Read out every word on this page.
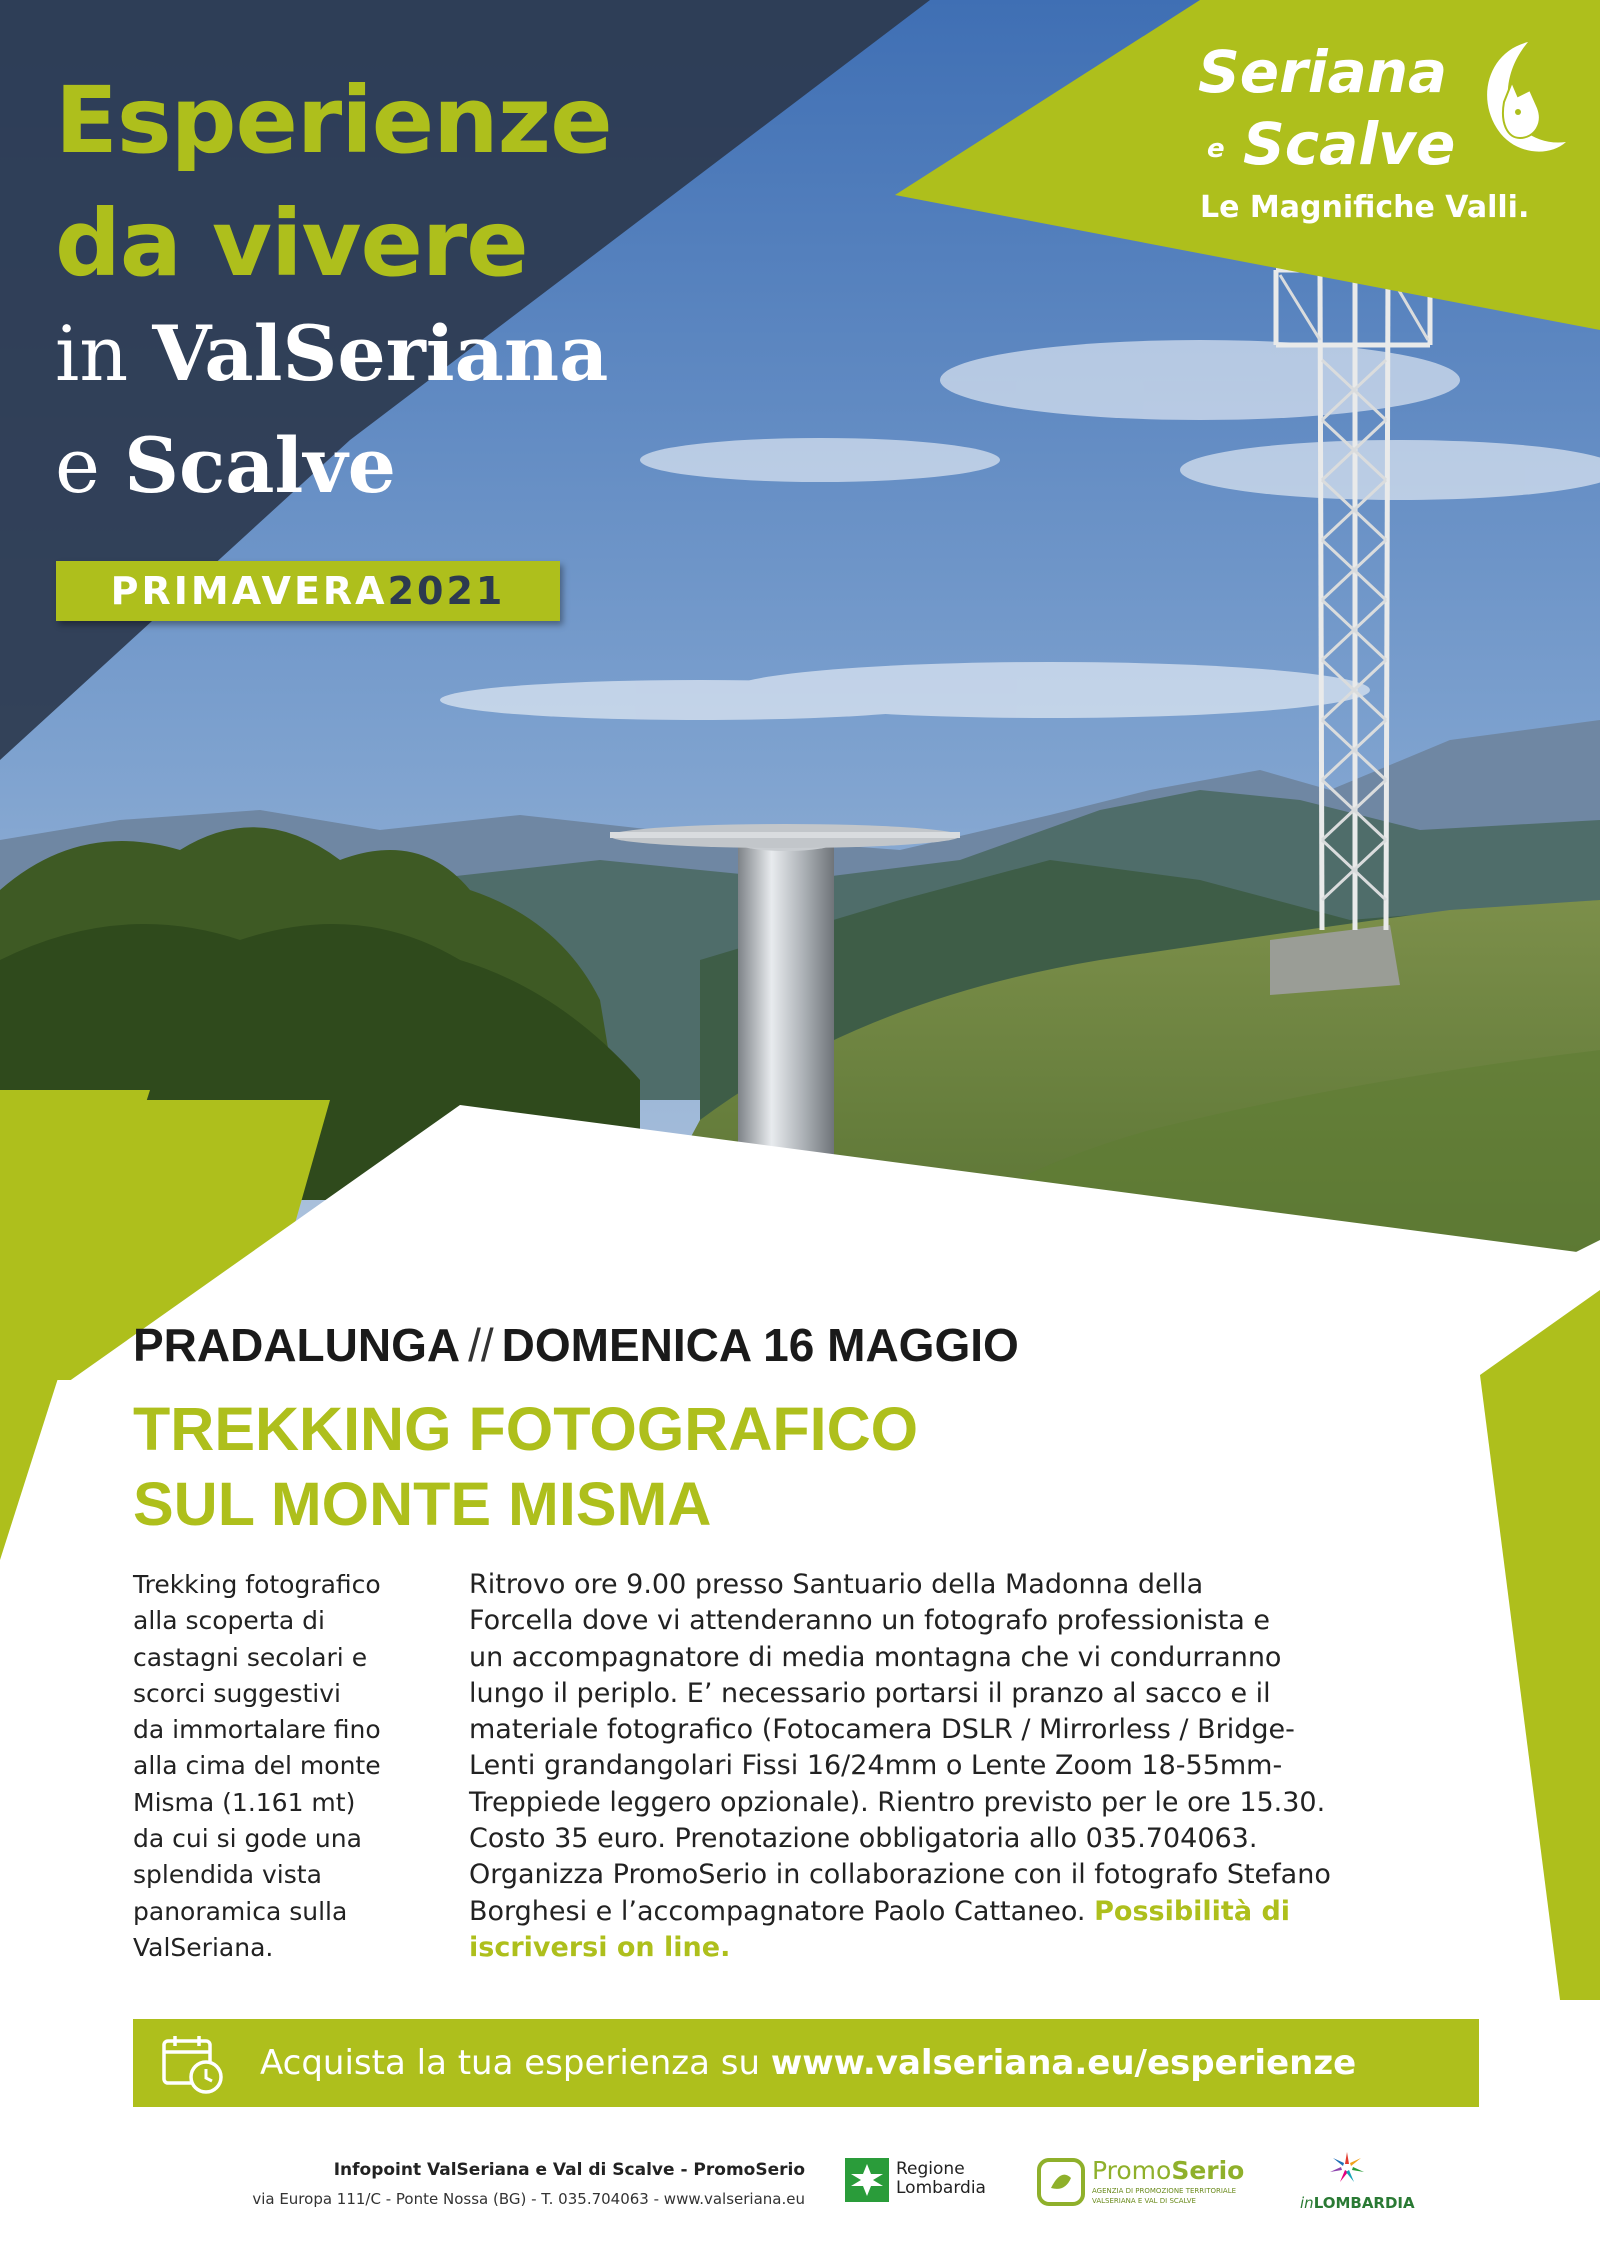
Esperienze
da vivere
in ValSeriana
e Scalve
PRIMAVERA 2021
Seriana
e Scalve
Le Magnifiche Valli.
PRADALUNGA // DOMENICA 16 MAGGIO
TREKKING FOTOGRAFICO
SUL MONTE MISMA

Trekking fotografico

alla scoperta di

castagni secolari e

scorci suggestivi

da immortalare fino

alla cima del monte

Misma (1.161 mt)

da cui si gode una

splendida vista

panoramica sulla

ValSeriana.

Ritrovo ore 9.00 presso Santuario della Madonna della

Forcella dove vi attenderanno un fotografo professionista e

un accompagnatore di media montagna che vi condurranno

lungo il periplo. E’ necessario portarsi il pranzo al sacco e il

materiale fotografico (Fotocamera DSLR / Mirrorless / Bridge-

Lenti grandangolari Fissi 16/24mm o Lente Zoom 18-55mm-

Treppiede leggero opzionale). Rientro previsto per le ore 15.30.

Costo 35 euro. Prenotazione obbligatoria allo 035.704063.

Organizza PromoSerio in collaborazione con il fotografo Stefano

Borghesi e l’accompagnatore Paolo Cattaneo. Possibilità di

iscriversi on line.

Acquista la tua esperienza su www.valseriana.eu/esperienze
Infopoint ValSeriana e Val di Scalve - PromoSerio
via Europa 111/C - Ponte Nossa (BG) - T. 035.704063 - www.valseriana.eu
Regione
Lombardia
PromoSerio
AGENZIA DI PROMOZIONE TERRITORIALE
VALSERIANA E VAL DI SCALVE	inLOMBARDIA
